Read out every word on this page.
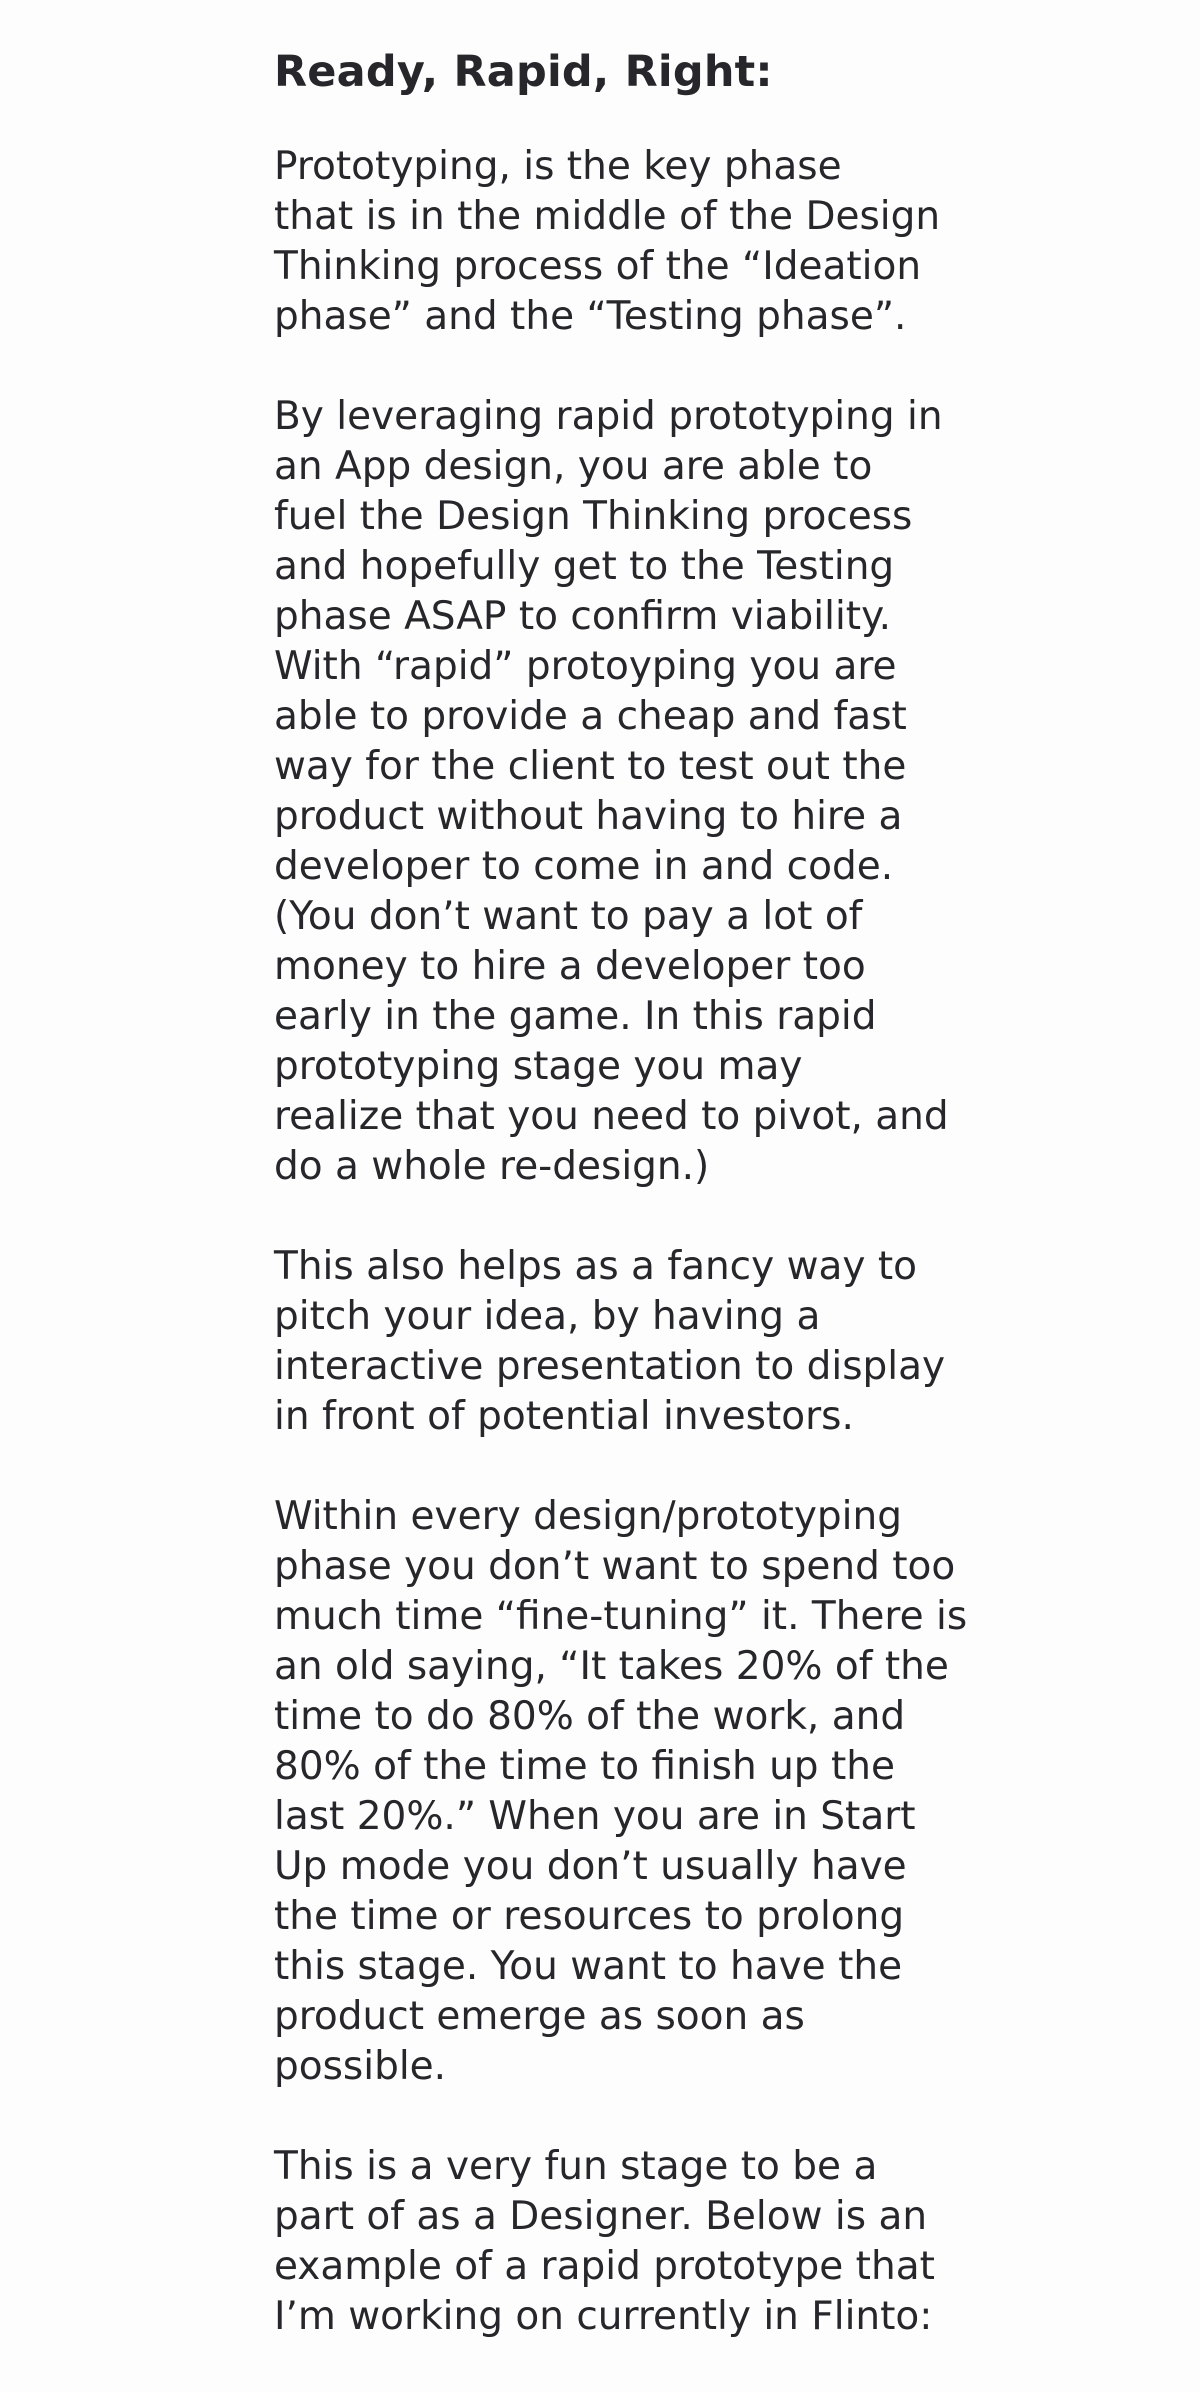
Ready, Rapid, Right:

Prototyping, is the key phase
that is in the middle of the Design
Thinking process of the “Ideation
phase” and the “Testing phase”.

By leveraging rapid prototyping in
an App design, you are able to
fuel the Design Thinking process
and hopefully get to the Testing
phase ASAP to confirm viability.
With “rapid” protoyping you are
able to provide a cheap and fast
way for the client to test out the
product without having to hire a
developer to come in and code.
(You don’t want to pay a lot of
money to hire a developer too
early in the game. In this rapid
prototyping stage you may
realize that you need to pivot, and
do a whole re-design.)

This also helps as a fancy way to
pitch your idea, by having a
interactive presentation to display
in front of potential investors.

Within every design/prototyping
phase you don’t want to spend too
much time “fine-tuning” it. There is
an old saying, “It takes 20% of the
time to do 80% of the work, and
80% of the time to finish up the
last 20%.” When you are in Start
Up mode you don’t usually have
the time or resources to prolong
this stage. You want to have the
product emerge as soon as
possible.

This is a very fun stage to be a
part of as a Designer. Below is an
example of a rapid prototype that
I’m working on currently in Flinto:
